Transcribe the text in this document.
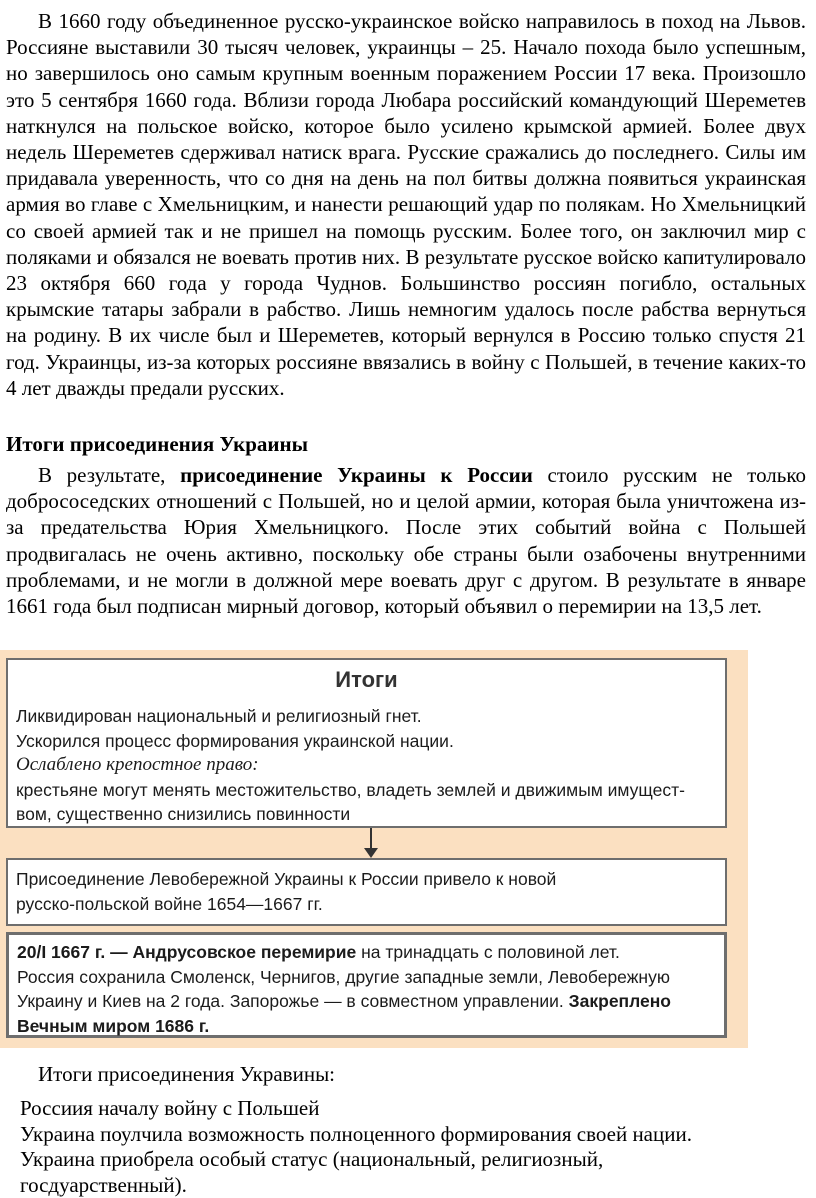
В 1660 году объединенное русско-украинское войско направилось в поход на Львов. Россияне выставили 30 тысяч человек, украинцы – 25. Начало похода было успешным, но завершилось оно самым крупным военным поражением России 17 века. Произошло это 5 сентября 1660 года. Вблизи города Любара российский командующий Шереметев наткнулся на польское войско, которое было усилено крымской армией. Более двух недель Шереметев сдерживал натиск врага. Русские сражались до последнего. Силы им придавала уверенность, что со дня на день на пол битвы должна появиться украинская армия во главе с Хмельницким, и нанести решающий удар по полякам. Но Хмельницкий со своей армией так и не пришел на помощь русским. Более того, он заключил мир с поляками и обязался не воевать против них. В результате русское войско капитулировало 23 октября 660 года у города Чуднов. Большинство россиян погибло, остальных крымские татары забрали в рабство. Лишь немногим удалось после рабства вернуться на родину. В их числе был и Шереметев, который вернулся в Россию только спустя 21 год. Украинцы, из-за которых россияне ввязались в войну с Польшей, в течение каких-то 4 лет дважды предали русских.
Итоги присоединения Украины
В результате, присоединение Украины к России стоило русским не только добрососедских отношений с Польшей, но и целой армии, которая была уничтожена из-за предательства Юрия Хмельницкого. После этих событий война с Польшей продвигалась не очень активно, поскольку обе страны были озабочены внутренними проблемами, и не могли в должной мере воевать друг с другом. В результате в январе 1661 года был подписан мирный договор, который объявил о перемирии на 13,5 лет.
Итоги
Ликвидирован национальный и религиозный гнет.
Ускорился процесс формирования украинской нации.
Ослаблено крепостное право:
крестьяне могут менять местожительство, владеть землей и движимым имущест-
вом, существенно снизились повинности
Присоединение Левобережной Украины к России привело к новой
русско-польской войне 1654—1667 гг.
20/I 1667 г. — Андрусовское перемирие на тринадцать с половиной лет.
Россия сохранила Смоленск, Чернигов, другие западные земли, Левобережную
Украину и Киев на 2 года. Запорожье — в совместном управлении. Закреплено
Вечным миром 1686 г.
Итоги присоединения Укравины:
Россиия началу войну с Польшей
Украина поулчила возможность полноценного формирования своей нации.
Украина приобрела особый статус (национальный, религиозный,
госдуарственный).
